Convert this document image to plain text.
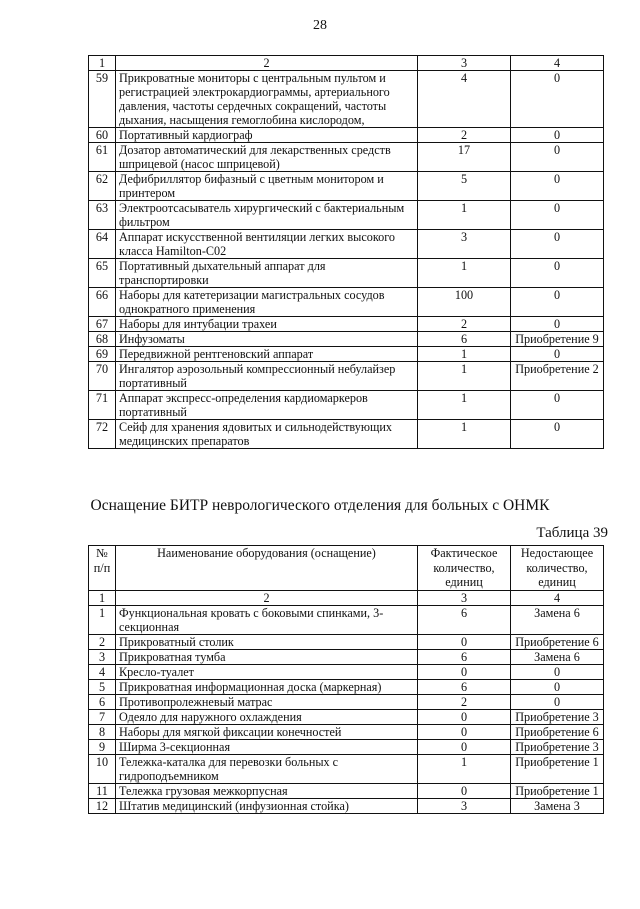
28
1	2	3	4
59	Прикроватные мониторы с центральным пультом и регистрацией электрокардиограммы, артериального давления, частоты сердечных сокращений, частоты дыхания, насыщения гемоглобина кислородом,	4	0
60	Портативный кардиограф	2	0
61	Дозатор автоматический для лекарственных средств шприцевой (насос шприцевой)	17	0
62	Дефибриллятор бифазный с цветным монитором и принтером	5	0
63	Электроотсасыватель хирургический с бактериальным фильтром	1	0
64	Аппарат искусственной вентиляции легких высокого класса Hamilton-C02	3	0
65	Портативный дыхательный аппарат для транспортировки	1	0
66	Наборы для катетеризации магистральных сосудов однократного применения	100	0
67	Наборы для интубации трахеи	2	0
68	Инфузоматы	6	Приобретение 9
69	Передвижной рентгеновский аппарат	1	0
70	Ингалятор аэрозольный компрессионный небулайзер портативный	1	Приобретение 2
71	Аппарат экспресс-определения кардиомаркеров портативный	1	0
72	Сейф для хранения ядовитых и сильнодействующих медицинских препаратов	1	0
Оснащение БИТР неврологического отделения для больных с ОНМК
Таблица 39
№ п/п	Наименование оборудования (оснащение)	Фактическое количество, единиц	Недостающее количество, единиц
1	2	3	4
1	Функциональная кровать с боковыми спинками, 3-секционная	6	Замена 6
2	Прикроватный столик	0	Приобретение 6
3	Прикроватная тумба	6	Замена 6
4	Кресло-туалет	0	0
5	Прикроватная информационная доска (маркерная)	6	0
6	Противопролежневый матрас	2	0
7	Одеяло для наружного охлаждения	0	Приобретение 3
8	Наборы для мягкой фиксации конечностей	0	Приобретение 6
9	Ширма 3-секционная	0	Приобретение 3
10	Тележка-каталка для перевозки больных с гидроподъемником	1	Приобретение 1
11	Тележка грузовая межкорпусная	0	Приобретение 1
12	Штатив медицинский (инфузионная стойка)	3	Замена 3
